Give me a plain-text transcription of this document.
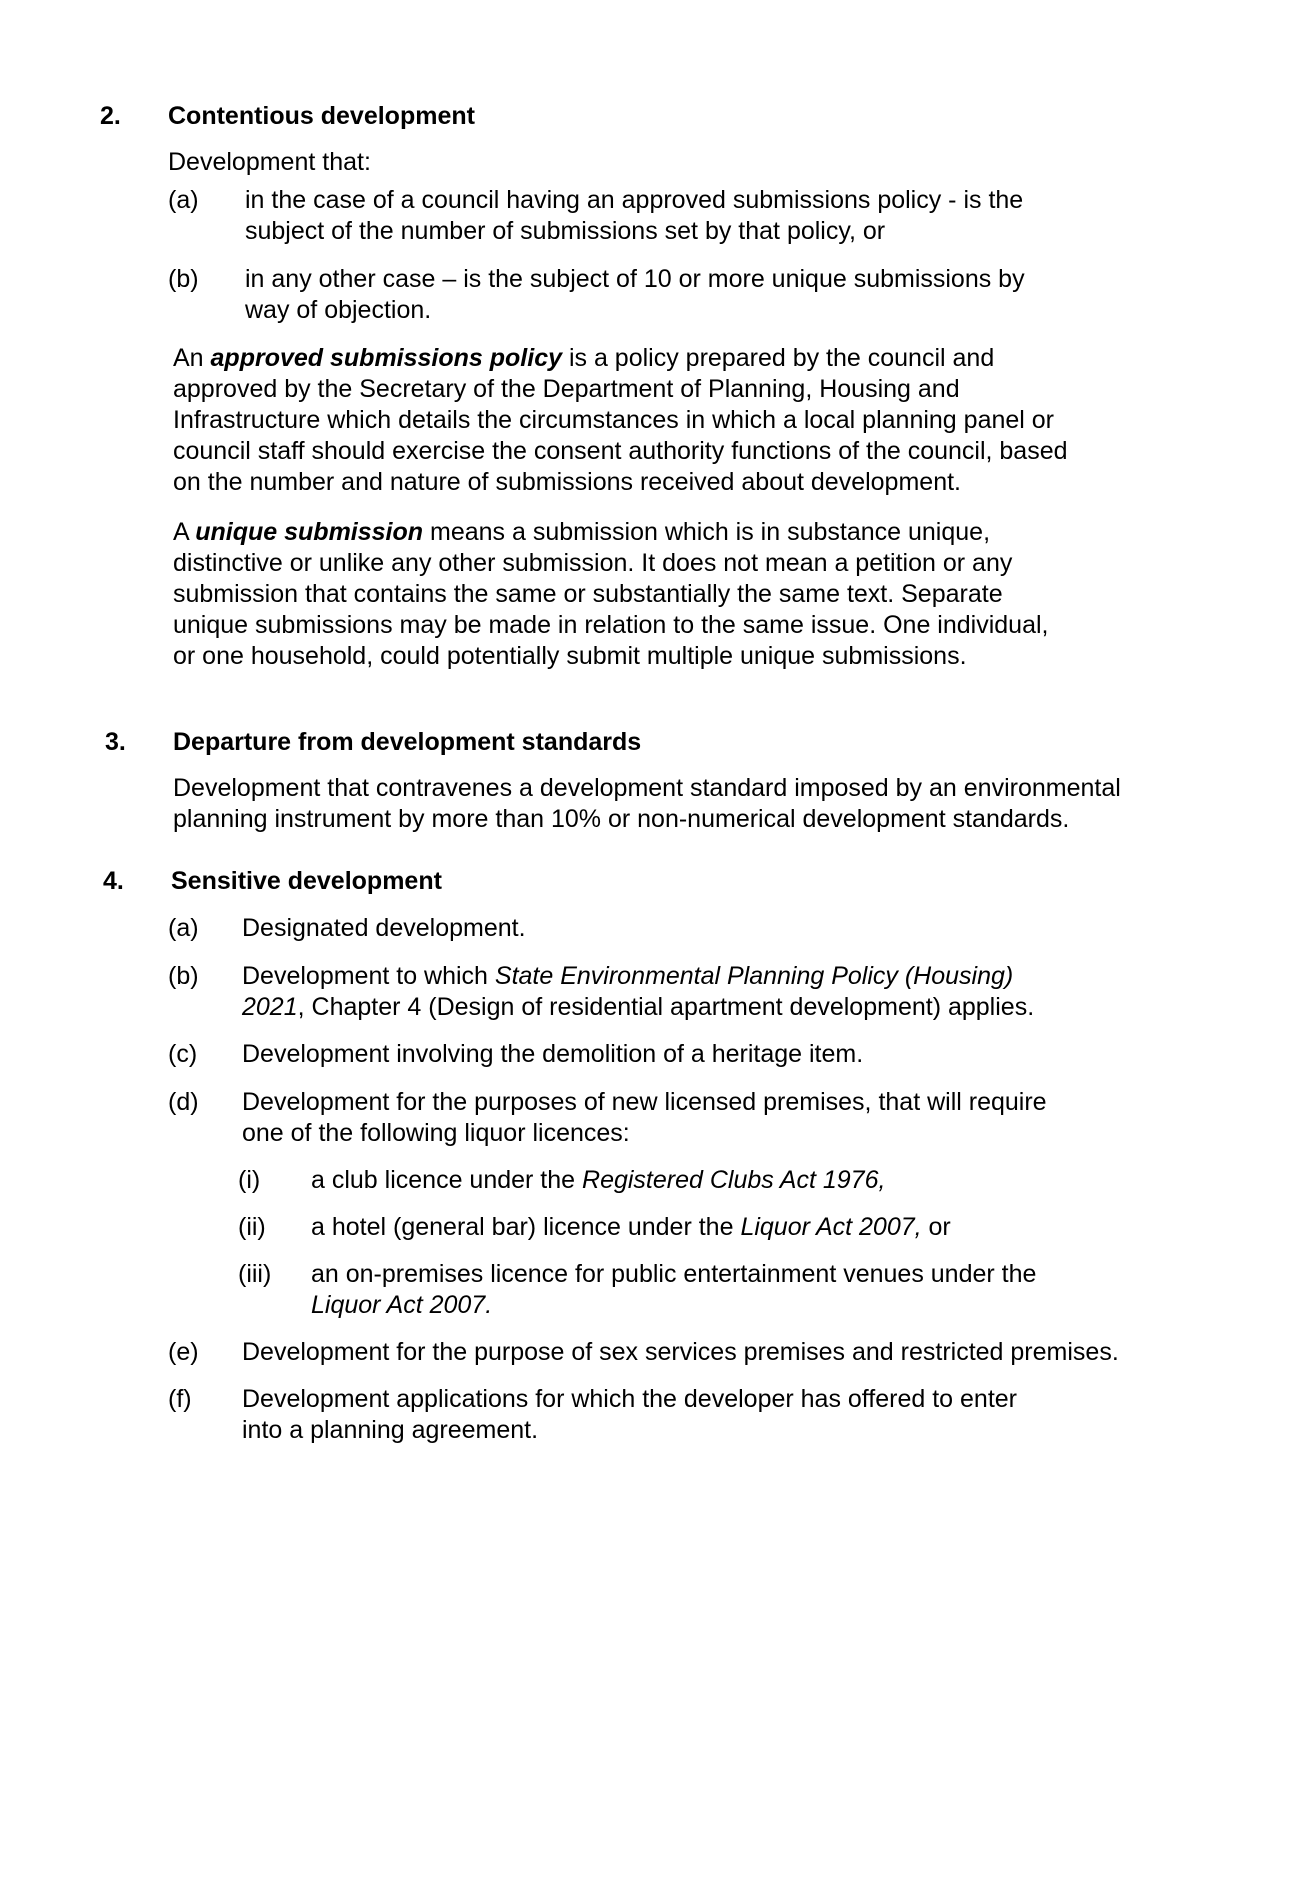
2. Contentious development
Development that:
(a) in the case of a council having an approved submissions policy - is the
subject of the number of submissions set by that policy, or
(b) in any other case – is the subject of 10 or more unique submissions by
way of objection.
An approved submissions policy is a policy prepared by the council and
approved by the Secretary of the Department of Planning, Housing and
Infrastructure which details the circumstances in which a local planning panel or
council staff should exercise the consent authority functions of the council, based
on the number and nature of submissions received about development.
A unique submission means a submission which is in substance unique,
distinctive or unlike any other submission. It does not mean a petition or any
submission that contains the same or substantially the same text. Separate
unique submissions may be made in relation to the same issue. One individual,
or one household, could potentially submit multiple unique submissions.
3. Departure from development standards
Development that contravenes a development standard imposed by an environmental
planning instrument by more than 10% or non-numerical development standards.
4. Sensitive development
(a) Designated development.
(b) Development to which State Environmental Planning Policy (Housing)
2021, Chapter 4 (Design of residential apartment development) applies.
(c) Development involving the demolition of a heritage item.
(d) Development for the purposes of new licensed premises, that will require
one of the following liquor licences:
(i) a club licence under the Registered Clubs Act 1976,
(ii) a hotel (general bar) licence under the Liquor Act 2007, or
(iii) an on-premises licence for public entertainment venues under the
Liquor Act 2007.
(e) Development for the purpose of sex services premises and restricted premises.
(f) Development applications for which the developer has offered to enter
into a planning agreement.
